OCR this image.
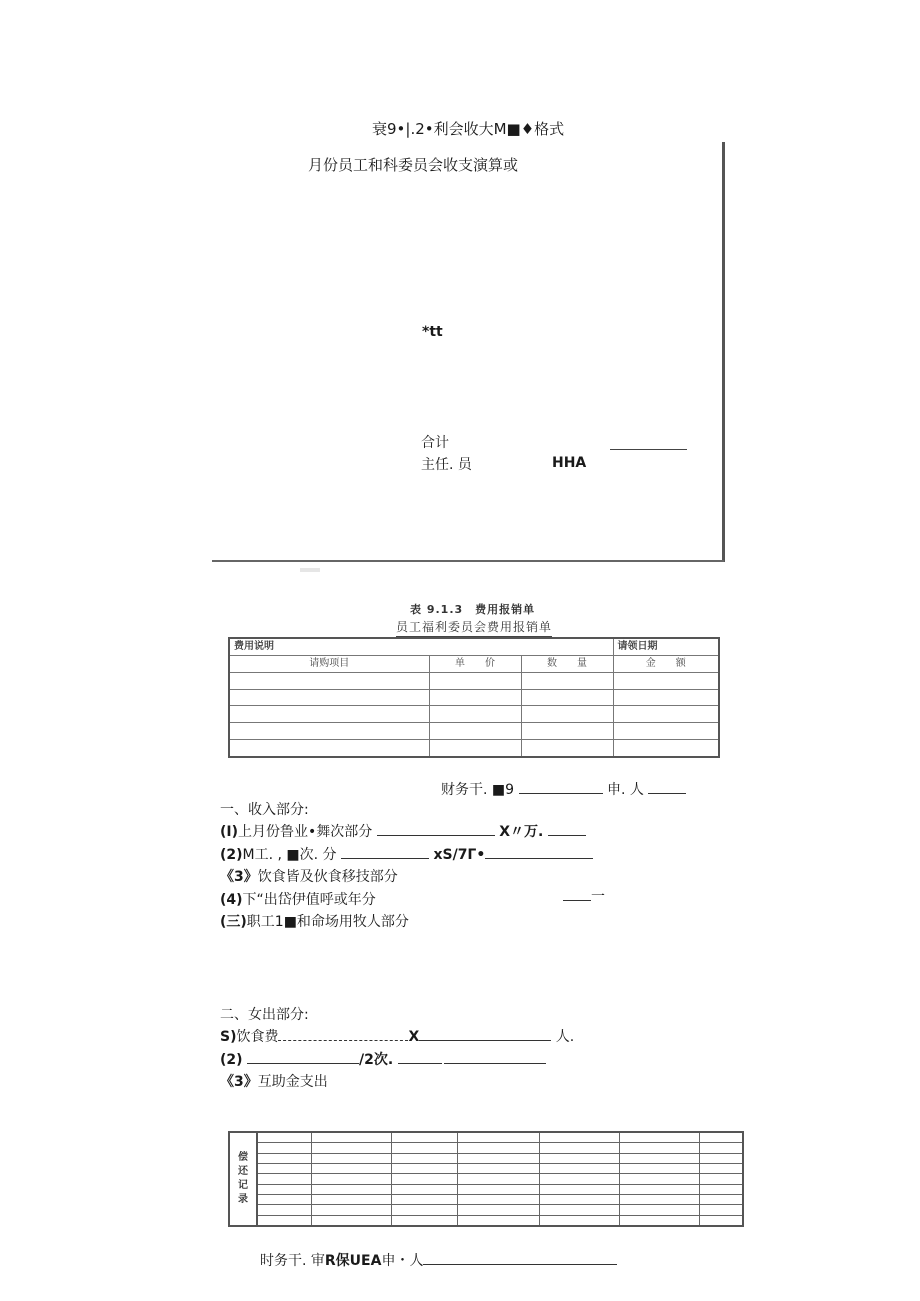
衰9•|.2•利会收大M■♦格式
月份员工和科委员会收支演算或
*tt
合计
主任. 员	HHA
表 9.1.3　费用报销单
员工福利委员会费用报销单
费用说明			请领日期
请购项目	单　　价	数　　量	金　　额

财务干. ■9	申. 人
一、收入部分:
(I)上月份鲁业•舞次部分	X〃万.
(2)M工. , ■次. 分	xS/7Γ•
《3》饮食皆及伙食移技部分
(4)下“出岱伊值呼或年分	一
(三)职工1■和命场用牧人部分
二、女出部分:
S)饮食费	X	人.
(2)	/2次.
《3》互助金支出
偿
还
记
录							

时务干. 审R保UEA申・人
